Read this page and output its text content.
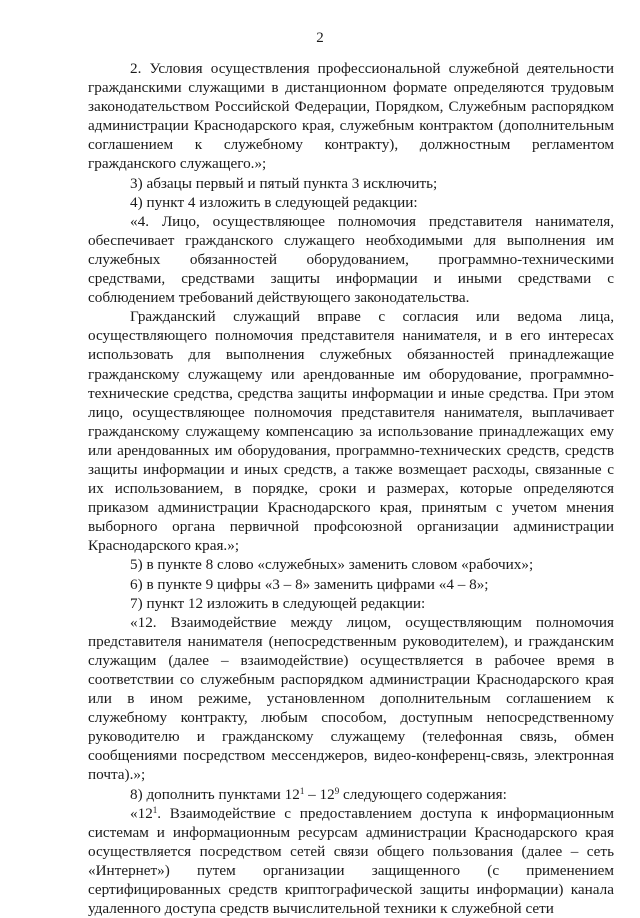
2

2. Условия осуществления профессиональной служебной деятельности гражданскими служащими в дистанционном формате определяются трудовым законодательством Российской Федерации, Порядком, Служебным распорядком администрации Краснодарского края, служебным контрактом (дополнительным соглашением к служебному контракту), должностным регламентом гражданского служащего.»;

3) абзацы первый и пятый пункта 3 исключить;

4) пункт 4 изложить в следующей редакции:

«4. Лицо, осуществляющее полномочия представителя нанимателя, обеспечивает гражданского служащего необходимыми для выполнения им служебных обязанностей оборудованием, программно-техническими средствами, средствами защиты информации и иными средствами с соблюдением требований действующего законодательства.

Гражданский служащий вправе с согласия или ведома лица, осуществляющего полномочия представителя нанимателя, и в его интересах использовать для выполнения служебных обязанностей принадлежащие гражданскому служащему или арендованные им оборудование, программно-технические средства, средства защиты информации и иные средства. При этом лицо, осуществляющее полномочия представителя нанимателя, выплачивает гражданскому служащему компенсацию за использование принадлежащих ему или арендованных им оборудования, программно-технических средств, средств защиты информации и иных средств, а также возмещает расходы, связанные с их использованием, в порядке, сроки и размерах, которые определяются приказом администрации Краснодарского края, принятым с учетом мнения выборного органа первичной профсоюзной организации администрации Краснодарского края.»;

5) в пункте 8 слово «служебных» заменить словом «рабочих»;

6) в пункте 9 цифры «3 – 8» заменить цифрами «4 – 8»;

7) пункт 12 изложить в следующей редакции:

«12. Взаимодействие между лицом, осуществляющим полномочия представителя нанимателя (непосредственным руководителем), и гражданским служащим (далее – взаимодействие) осуществляется в рабочее время в соответствии со служебным распорядком администрации Краснодарского края или в ином режиме, установленном дополнительным соглашением к служебному контракту, любым способом, доступным непосредственному руководителю и гражданскому служащему (телефонная связь, обмен сообщениями посредством мессенджеров, видео-конференц-связь, электронная почта).»;

8) дополнить пунктами $12^1 - 12^9$ следующего содержания:

«$12^1$. Взаимодействие с предоставлением доступа к информационным системам и информационным ресурсам администрации Краснодарского края осуществляется посредством сетей связи общего пользования (далее – сеть «Интернет») путем организации защищенного (с применением сертифицированных средств криптографической защиты информации) канала удаленного доступа средств вычислительной техники к служебной сети
